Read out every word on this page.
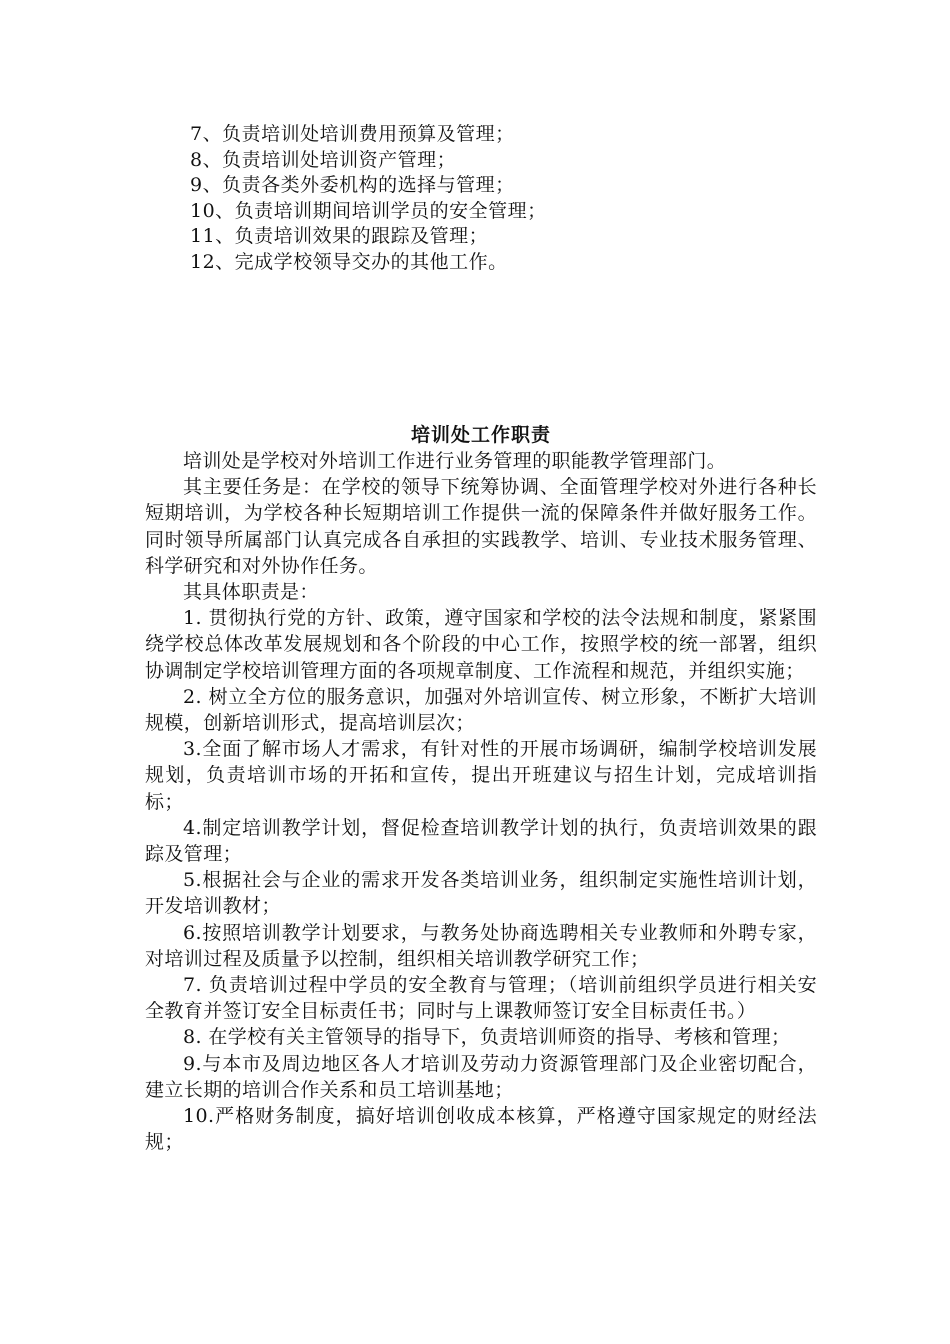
7、负责培训处培训费用预算及管理；
8、负责培训处培训资产管理；
9、负责各类外委机构的选择与管理；
10、负责培训期间培训学员的安全管理；
11、负责培训效果的跟踪及管理；
12、完成学校领导交办的其他工作。
培训处工作职责

培训处是学校对外培训工作进行业务管理的职能教学管理部门。

其主要任务是：在学校的领导下统筹协调、全面管理学校对外进行各种长短期培训，为学校各种长短期培训工作提供一流的保障条件并做好服务工作。同时领导所属部门认真完成各自承担的实践教学、培训、专业技术服务管理、科学研究和对外协作任务。

其具体职责是：

1. 贯彻执行党的方针、政策，遵守国家和学校的法令法规和制度，紧紧围绕学校总体改革发展规划和各个阶段的中心工作，按照学校的统一部署，组织协调制定学校培训管理方面的各项规章制度、工作流程和规范，并组织实施；

2. 树立全方位的服务意识，加强对外培训宣传、树立形象，不断扩大培训规模，创新培训形式，提高培训层次；

3.全面了解市场人才需求，有针对性的开展市场调研，编制学校培训发展规划，负责培训市场的开拓和宣传，提出开班建议与招生计划，完成培训指标；

4.制定培训教学计划，督促检查培训教学计划的执行，负责培训效果的跟踪及管理；

5.根据社会与企业的需求开发各类培训业务，组织制定实施性培训计划，开发培训教材；

6.按照培训教学计划要求，与教务处协商选聘相关专业教师和外聘专家，对培训过程及质量予以控制，组织相关培训教学研究工作；

7. 负责培训过程中学员的安全教育与管理；（培训前组织学员进行相关安全教育并签订安全目标责任书；同时与上课教师签订安全目标责任书。）

8. 在学校有关主管领导的指导下，负责培训师资的指导、考核和管理；

9.与本市及周边地区各人才培训及劳动力资源管理部门及企业密切配合，建立长期的培训合作关系和员工培训基地；

10.严格财务制度，搞好培训创收成本核算，严格遵守国家规定的财经法规；
